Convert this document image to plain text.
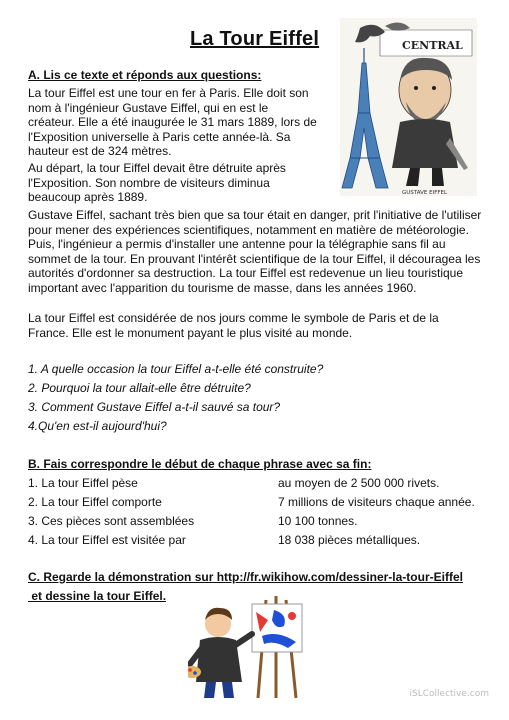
La Tour Eiffel	CENTRAL
GUSTAVE EIFFEL
A. Lis ce texte et réponds aux questions:

La tour Eiffel est une tour en fer à Paris. Elle doit son nom à l'ingénieur Gustave Eiffel, qui en est le créateur. Elle a été inaugurée le 31 mars 1889, lors de l'Exposition universelle à Paris cette année-là. Sa hauteur est de 324 mètres.

Au départ, la tour Eiffel devait être détruite après l'Exposition. Son nombre de visiteurs diminua beaucoup après 1889.

Gustave Eiffel, sachant très bien que sa tour était en danger, prit l'initiative de l'utiliser pour mener des expériences scientifiques, notamment en matière de météorologie. Puis, l'ingénieur a permis d'installer une antenne pour la télégraphie sans fil au sommet de la tour. En prouvant l'intérêt scientifique de la tour Eiffel, il découragea les autorités d'ordonner sa destruction. La tour Eiffel est redevenue un lieu touristique important avec l'apparition du tourisme de masse, dans les années 1960.

La tour Eiffel est considérée de nos jours comme le symbole de Paris et de la France. Elle est le monument payant le plus visité au monde.

1. A quelle occasion la tour Eiffel a-t-elle été construite?
2. Pourquoi la tour allait-elle être détruite?
3. Comment Gustave Eiffel a-t-il sauvé sa tour?
4.Qu'en est-il aujourd'hui?
B. Fais correspondre le début de chaque phrase avec sa fin:
1. La tour Eiffel pèse	au moyen de 2 500 000 rivets.
2. La tour Eiffel comporte	7 millions de visiteurs chaque année.
3. Ces pièces sont assemblées	10 100 tonnes.
4. La tour Eiffel est visitée par	18 038 pièces métalliques.
C. Regarde la démonstration sur http://fr.wikihow.com/dessiner-la-tour-Eiffel
et dessine la tour Eiffel.
iSLCollective.com
